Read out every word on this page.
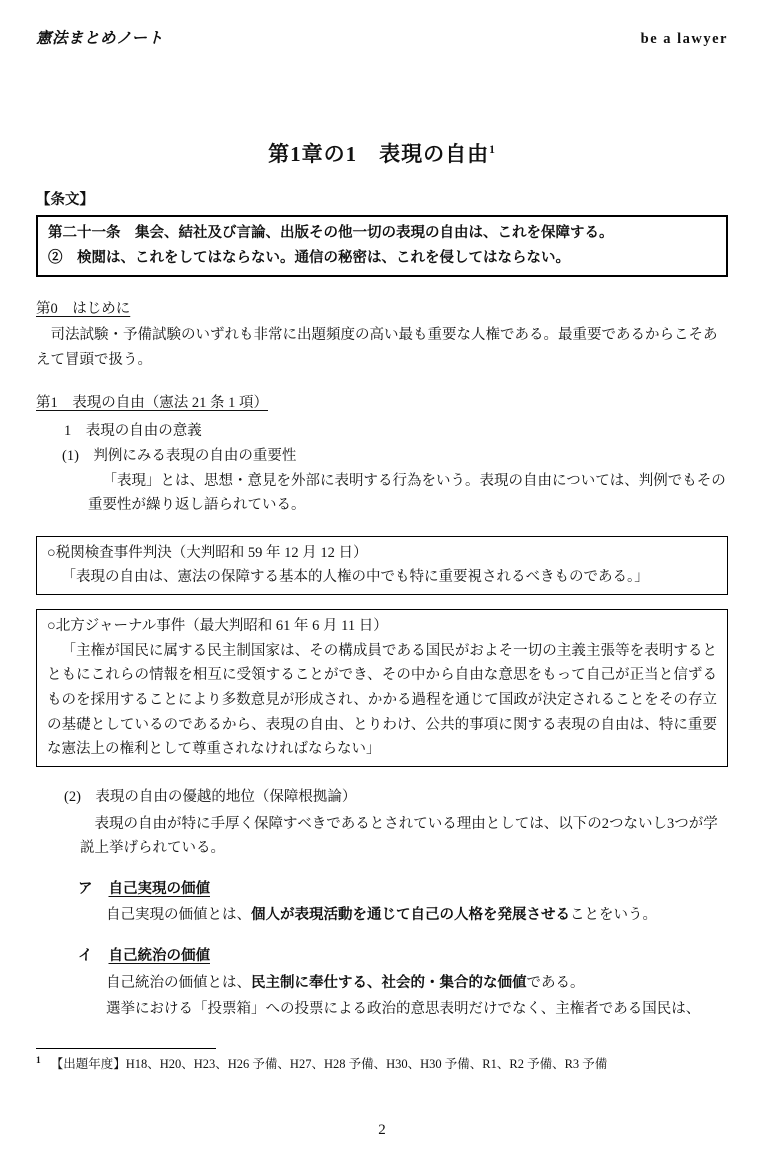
憲法まとめノート	be a lawyer
第1章の1　表現の自由$^1$
【条文】
第二十一条　集会、結社及び言論、出版その他一切の表現の自由は、これを保障する。
②　検閲は、これをしてはならない。通信の秘密は、これを侵してはならない。
第0　はじめに

司法試験・予備試験のいずれも非常に出題頻度の高い最も重要な人権である。最重要であるからこそあえて冒頭で扱う。

第1　表現の自由（憲法 21 条 1 項）
1　表現の自由の意義
(1)　判例にみる表現の自由の重要性

「表現」とは、思想・意見を外部に表明する行為をいう。表現の自由については、判例でもその重要性が繰り返し語られている。

○税関検査事件判決（大判昭和 59 年 12 月 12 日）

「表現の自由は、憲法の保障する基本的人権の中でも特に重要視されるべきものである。」

○北方ジャーナル事件（最大判昭和 61 年 6 月 11 日）

「主権が国民に属する民主制国家は、その構成員である国民がおよそ一切の主義主張等を表明するとともにこれらの情報を相互に受領することができ、その中から自由な意思をもって自己が正当と信ずるものを採用することにより多数意見が形成され、かかる過程を通じて国政が決定されることをその存立の基礎としているのであるから、表現の自由、とりわけ、公共的事項に関する表現の自由は、特に重要な憲法上の権利として尊重されなければならない」

(2)　表現の自由の優越的地位（保障根拠論）

表現の自由が特に手厚く保障すべきであるとされている理由としては、以下の2つないし3つが学説上挙げられている。

ア 自己実現の価値

自己実現の価値とは、個人が表現活動を通じて自己の人格を発展させることをいう。

イ 自己統治の価値

自己統治の価値とは、民主制に奉仕する、社会的・集合的な価値である。

選挙における「投票箱」への投票による政治的意思表明だけでなく、主権者である国民は、

$^1$ 【出題年度】H18、H20、H23、H26 予備、H27、H28 予備、H30、H30 予備、R1、R2 予備、R3 予備

2
